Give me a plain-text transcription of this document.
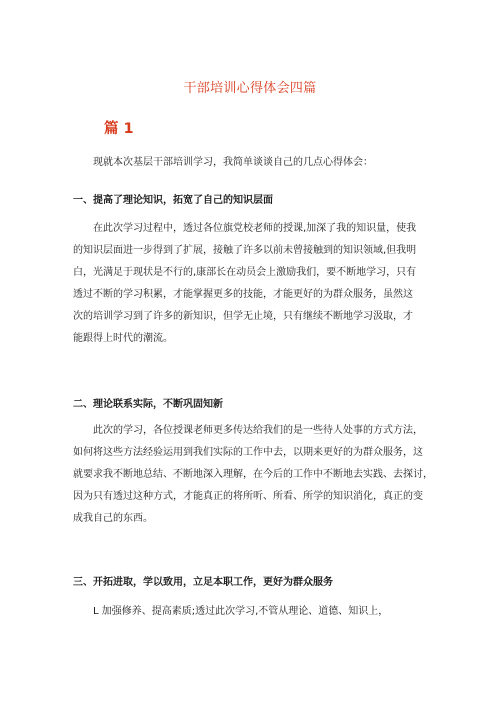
干部培训心得体会四篇
篇 1

现就本次基层干部培训学习，我简单谈谈自己的几点心得体会：

一、提高了理论知识，拓宽了自己的知识层面

在此次学习过程中，透过各位旗党校老师的授课,加深了我的知识量，使我
的知识层面进一步得到了扩展，接触了许多以前未曾接触到的知识领域,但我明
白，光满足于现状是不行的,康部长在动员会上激励我们，要不断地学习，只有
透过不断的学习积累，才能掌握更多的技能，才能更好的为群众服务，虽然这
次的培训学习到了许多的新知识，但学无止境，只有继续不断地学习汲取，才
能跟得上时代的潮流。

二、理论联系实际，不断巩固知新

此次的学习，各位授课老师更多传达给我们的是一些待人处事的方式方法，
如何将这些方法经验运用到我们实际的工作中去，以期来更好的为群众服务，这
就要求我不断地总结、不断地深入理解，在今后的工作中不断地去实践、去探讨，
因为只有透过这种方式，才能真正的将所听、所看、所学的知识消化，真正的变
成我自己的东西。

三、开拓进取，学以致用，立足本职工作，更好为群众服务

L 加强修养、提高素质;透过此次学习,不管从理论、道德、知识上，
